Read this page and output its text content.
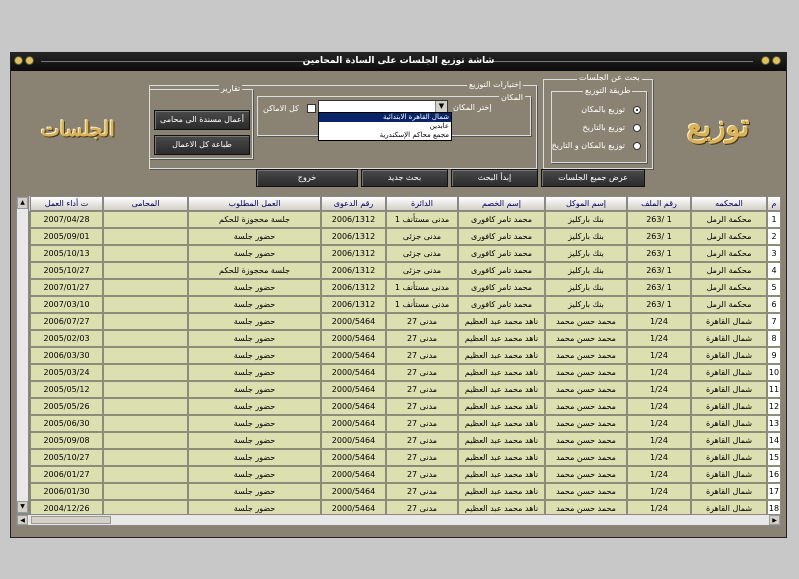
شاشة توزيع الجلسات على السادة المحامين
توزيع
الجلسات
بحث عن الجلسات
طريقة التوزيع
توزيع بالمكان
توزيع بالتاريخ
توزيع بالمكان و التاريخ
إختيارات التوزيع
المكان
إختر المكان
▼
كل الاماكن
شمال القاهرة الابتدائية
عابدين
مجمع محاكم الإسكندرية
تقارير
أعمال مسندة الى محامى
طباعة كل الاعمال
عرض جميع الجلسات
إبدأ البحث
بحث جديد
خروج
م
المحكمه
رقم الملف
إسم الموكل
إسم الخصم
الدائرة
رقم الدعوى
العمل المطلوب
المحامى
ت أداء العمل
1
محكمة الرمل
263/ 1
بنك باركليز
محمد تامر كافورى
1 مدنى مستأنف
2006/1312
جلسة محجوزة للحكم
2007/04/28
2
محكمة الرمل
263/ 1
بنك باركليز
محمد تامر كافورى
مدنى جزئى
2006/1312
حضور جلسة
2005/09/01
3
محكمة الرمل
263/ 1
بنك باركليز
محمد تامر كافورى
مدنى جزئى
2006/1312
حضور جلسة
2005/10/13
4
محكمة الرمل
263/ 1
بنك باركليز
محمد تامر كافورى
مدنى جزئى
2006/1312
جلسة محجوزة للحكم
2005/10/27
5
محكمة الرمل
263/ 1
بنك باركليز
محمد تامر كافورى
1 مدنى مستأنف
2006/1312
حضور جلسة
2007/01/27
6
محكمة الرمل
263/ 1
بنك باركليز
محمد تامر كافورى
1 مدنى مستأنف
2006/1312
حضور جلسة
2007/03/10
7
شمال القاهرة
1/24
محمد حسن محمد
ناهد محمد عبد العظيم
27 مدنى
2000/5464
حضور جلسة
2006/07/27
8
شمال القاهرة
1/24
محمد حسن محمد
ناهد محمد عبد العظيم
27 مدنى
2000/5464
حضور جلسة
2005/02/03
9
شمال القاهرة
1/24
محمد حسن محمد
ناهد محمد عبد العظيم
27 مدنى
2000/5464
حضور جلسة
2006/03/30
10
شمال القاهرة
1/24
محمد حسن محمد
ناهد محمد عبد العظيم
27 مدنى
2000/5464
حضور جلسة
2005/03/24
11
شمال القاهرة
1/24
محمد حسن محمد
ناهد محمد عبد العظيم
27 مدنى
2000/5464
حضور جلسة
2005/05/12
12
شمال القاهرة
1/24
محمد حسن محمد
ناهد محمد عبد العظيم
27 مدنى
2000/5464
حضور جلسة
2005/05/26
13
شمال القاهرة
1/24
محمد حسن محمد
ناهد محمد عبد العظيم
27 مدنى
2000/5464
حضور جلسة
2005/06/30
14
شمال القاهرة
1/24
محمد حسن محمد
ناهد محمد عبد العظيم
27 مدنى
2000/5464
حضور جلسة
2005/09/08
15
شمال القاهرة
1/24
محمد حسن محمد
ناهد محمد عبد العظيم
27 مدنى
2000/5464
حضور جلسة
2005/10/27
16
شمال القاهرة
1/24
محمد حسن محمد
ناهد محمد عبد العظيم
27 مدنى
2000/5464
حضور جلسة
2006/01/27
17
شمال القاهرة
1/24
محمد حسن محمد
ناهد محمد عبد العظيم
27 مدنى
2000/5464
حضور جلسة
2006/01/30
18
شمال القاهرة
1/24
محمد حسن محمد
ناهد محمد عبد العظيم
27 مدنى
2000/5464
حضور جلسة
2004/12/26
▲
▼
◀	▶
